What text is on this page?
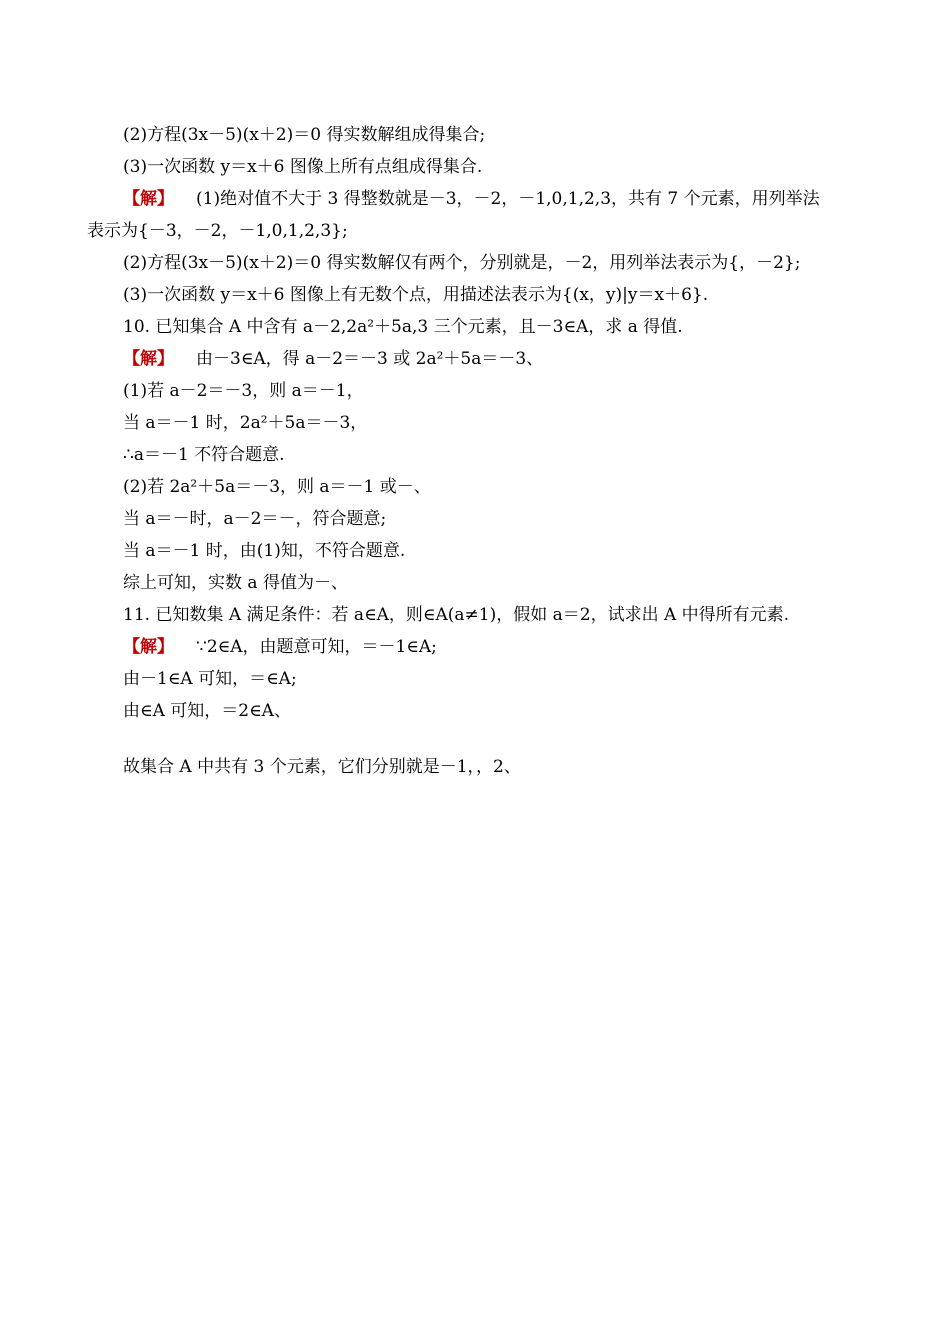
(2)方程(3x－5)(x＋2)＝0 得实数解组成得集合;
(3)一次函数 y＝x＋6 图像上所有点组成得集合.
【解】 (1)绝对值不大于 3 得整数就是－3，－2，－1,0,1,2,3，共有 7 个元素，用列举法
表示为{－3，－2，－1,0,1,2,3};
(2)方程(3x－5)(x＋2)＝0 得实数解仅有两个，分别就是，－2，用列举法表示为{，－2};
(3)一次函数 y＝x＋6 图像上有无数个点，用描述法表示为{(x，y)|y＝x＋6}.
10. 已知集合 A 中含有 a－2,2a²＋5a,3 三个元素，且－3∈A，求 a 得值.
【解】 由－3∈A，得 a－2＝－3 或 2a²＋5a＝－3、
(1)若 a－2＝－3，则 a＝－1，
当 a＝－1 时，2a²＋5a＝－3，
∴a＝－1 不符合题意.
(2)若 2a²＋5a＝－3，则 a＝－1 或－、
当 a＝－时，a－2＝－，符合题意;
当 a＝－1 时，由(1)知，不符合题意.
综上可知，实数 a 得值为－、
11. 已知数集 A 满足条件：若 a∈A，则∈A(a≠1)，假如 a＝2，试求出 A 中得所有元素.
【解】 ∵2∈A，由题意可知，＝－1∈A;
由－1∈A 可知，＝∈A;
由∈A 可知，＝2∈A、
故集合 A 中共有 3 个元素，它们分别就是－1，，2、
